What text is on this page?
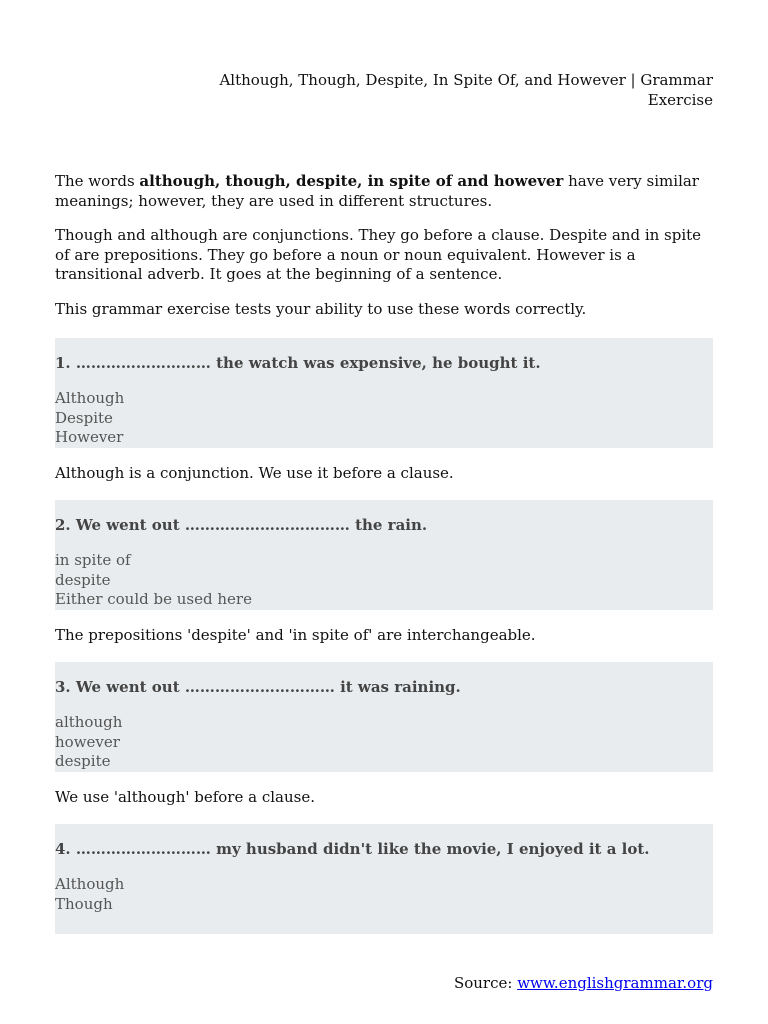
Although, Though, Despite, In Spite Of, and However | Grammar Exercise

The words although, though, despite, in spite of and however have very similar meanings; however, they are used in different structures.

Though and although are conjunctions. They go before a clause. Despite and in spite of are prepositions. They go before a noun or noun equivalent. However is a transitional adverb. It goes at the beginning of a sentence.

This grammar exercise tests your ability to use these words correctly.

1. ……………………… the watch was expensive, he bought it.
Although
Despite
However
Although is a conjunction. We use it before a clause.
2. We went out …………………………… the rain.
in spite of
despite
Either could be used here
The prepositions 'despite' and 'in spite of' are interchangeable.
3. We went out ………………………… it was raining.
although
however
despite
We use 'although' before a clause.
4. ……………………… my husband didn't like the movie, I enjoyed it a lot.
Although
Though
Source: www.englishgrammar.org
